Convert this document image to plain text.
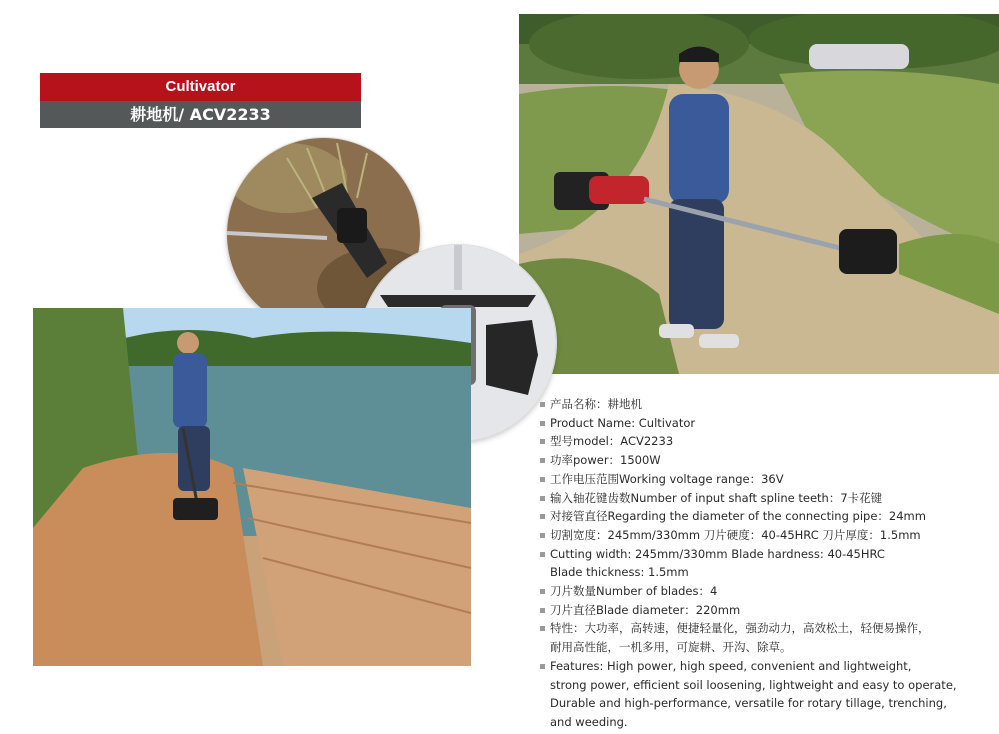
Cultivator
耕地机/ ACV2233
产品名称：耕地机
Product Name: Cultivator
型号model：ACV2233
功率power：1500W
工作电压范围Working voltage range：36V
输入轴花键齿数Number of input shaft spline teeth：7卡花键
对接管直径Regarding the diameter of the connecting pipe：24mm
切割宽度：245mm/330mm 刀片硬度：40-45HRC 刀片厚度：1.5mm
Cutting width: 245mm/330mm Blade hardness: 40-45HRC
Blade thickness: 1.5mm
刀片数量Number of blades：4
刀片直径Blade diameter：220mm
特性：大功率，高转速，便捷轻量化，强劲动力，高效松土，轻便易操作，
耐用高性能，一机多用，可旋耕、开沟、除草。
Features: High power, high speed, convenient and lightweight,
strong power, efficient soil loosening, lightweight and easy to operate,
Durable and high-performance, versatile for rotary tillage, trenching,
and weeding.
